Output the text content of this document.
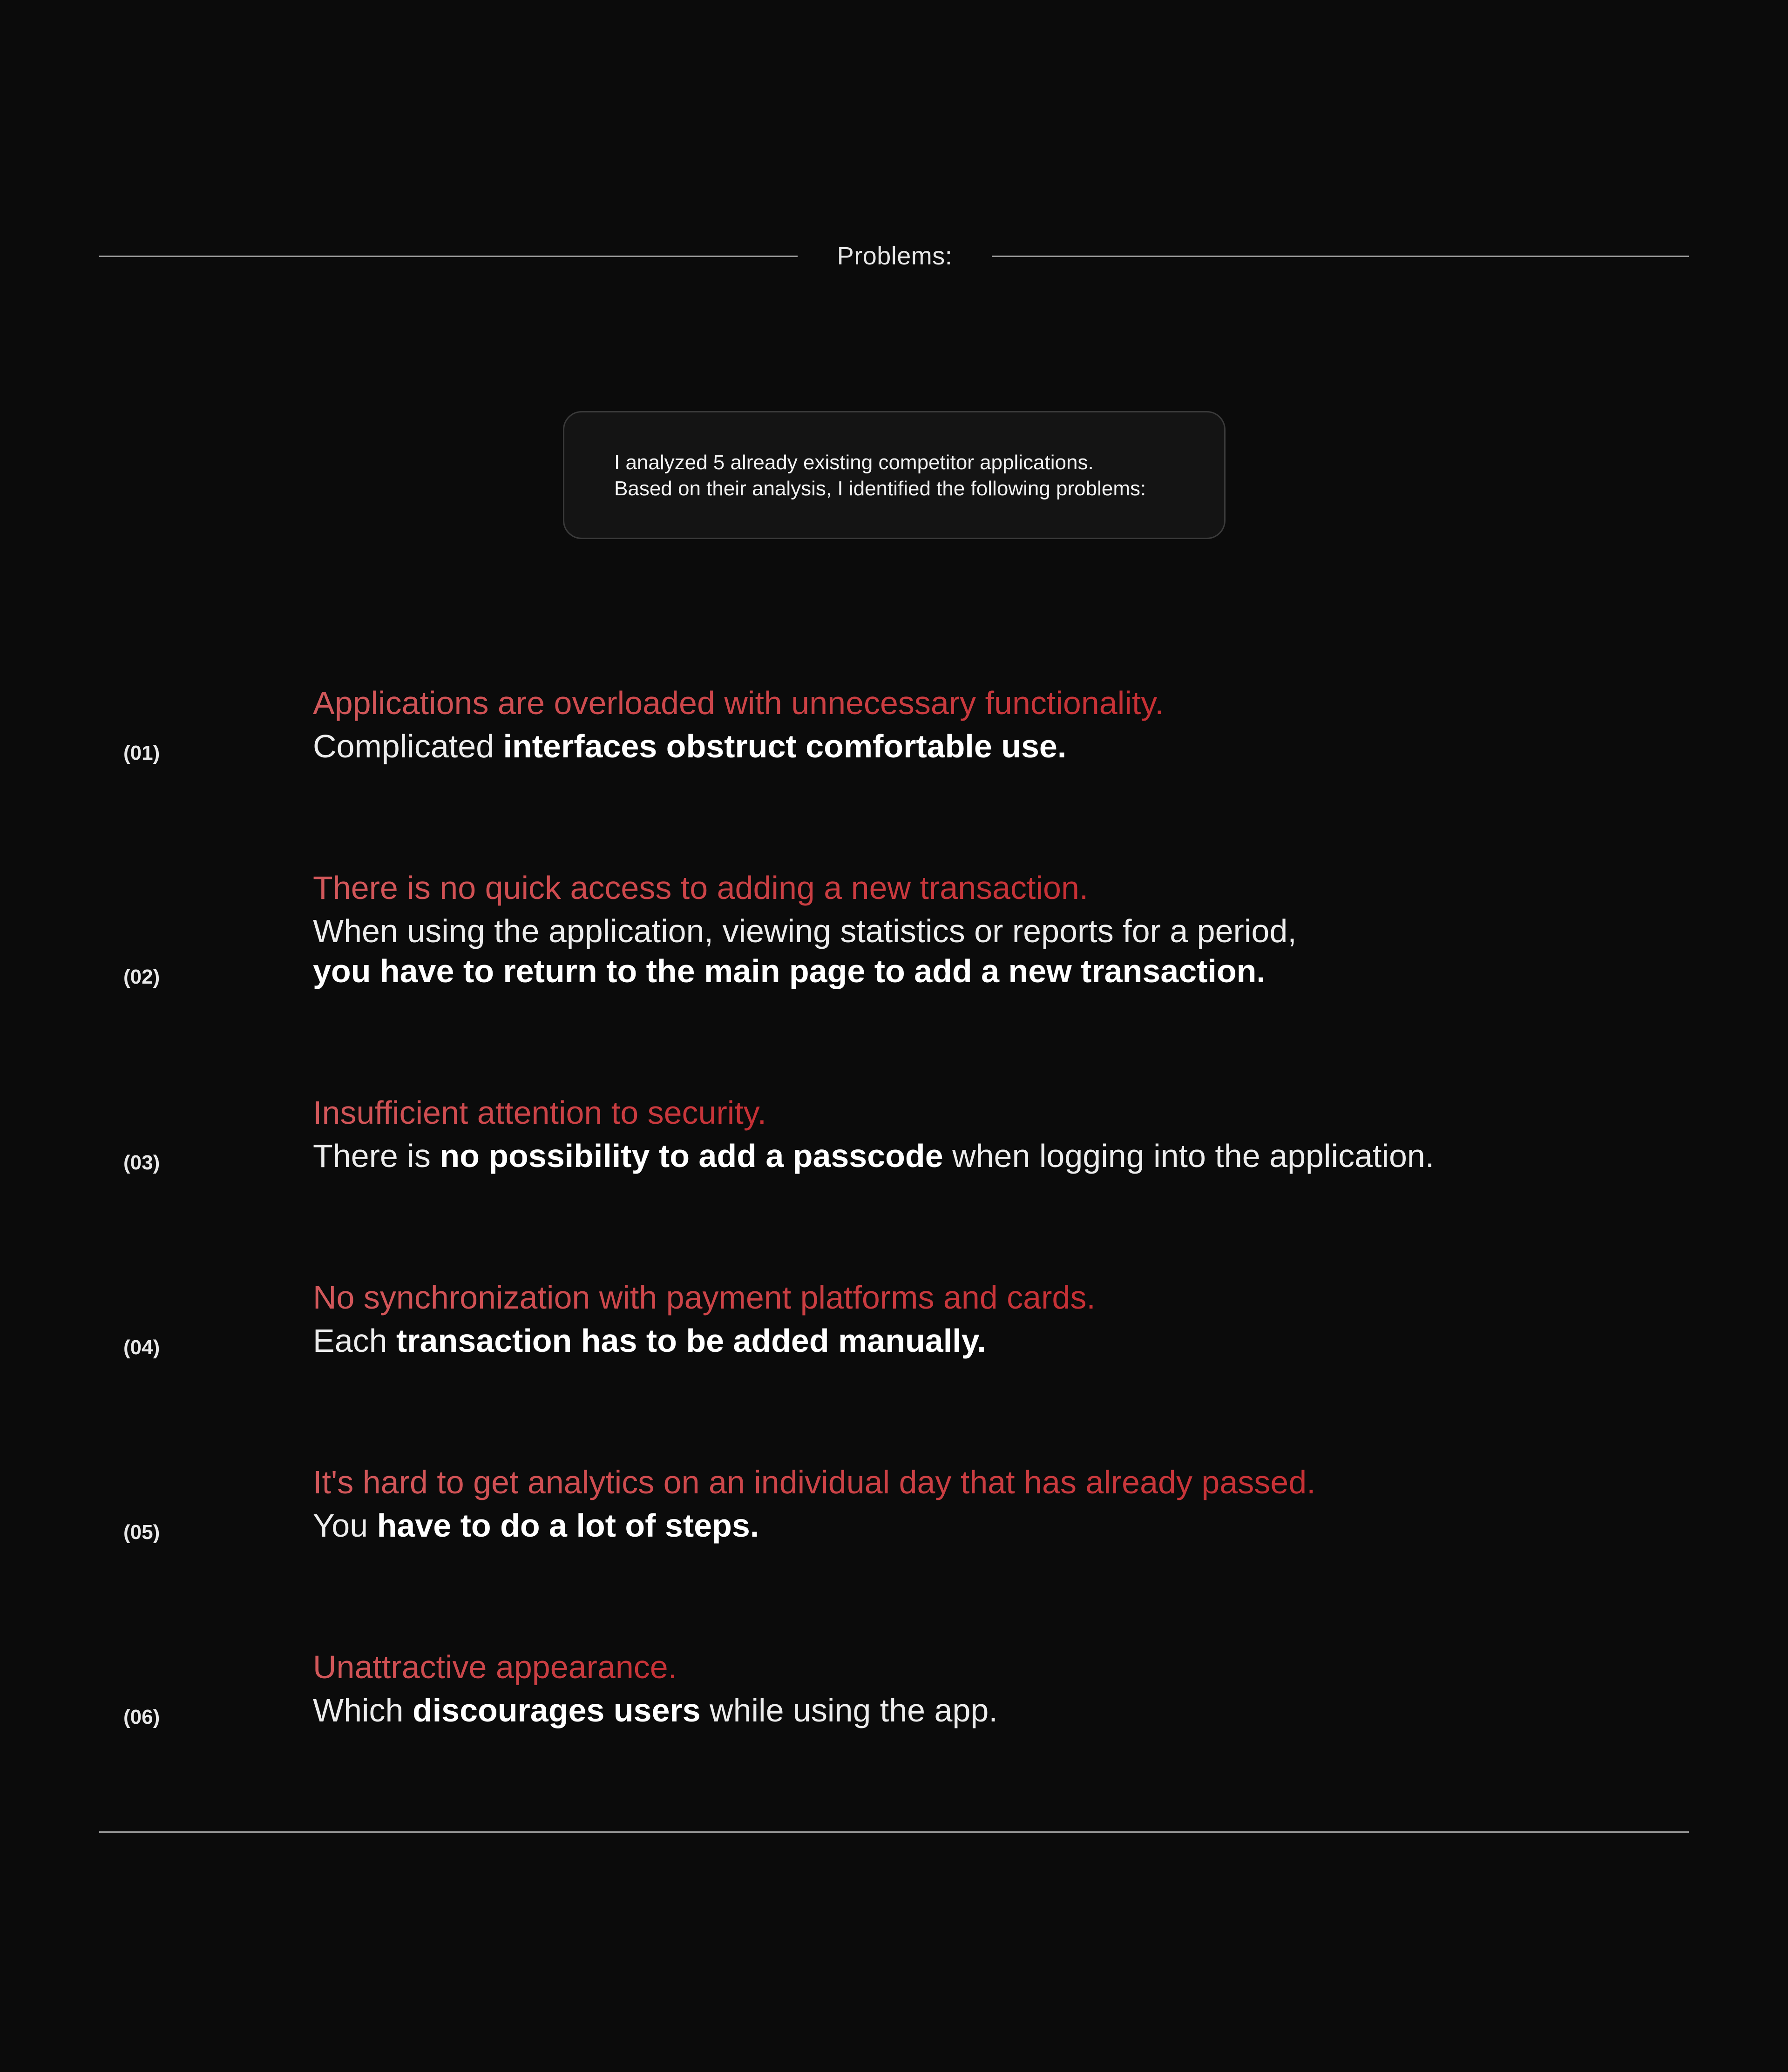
Problems:
I analyzed 5 already existing competitor applications.
Based on their analysis, I identified the following problems:
(01)
Applications are overloaded with unnecessary functionality.
Complicated interfaces obstruct comfortable use.
(02)
There is no quick access to adding a new transaction.
When using the application, viewing statistics or reports for a period,
you have to return to the main page to add a new transaction.
(03)
Insufficient attention to security.
There is no possibility to add a passcode when logging into the application.
(04)
No synchronization with payment platforms and cards.
Each transaction has to be added manually.
(05)
It's hard to get analytics on an individual day that has already passed.
You have to do a lot of steps.
(06)
Unattractive appearance.
Which discourages users while using the app.
